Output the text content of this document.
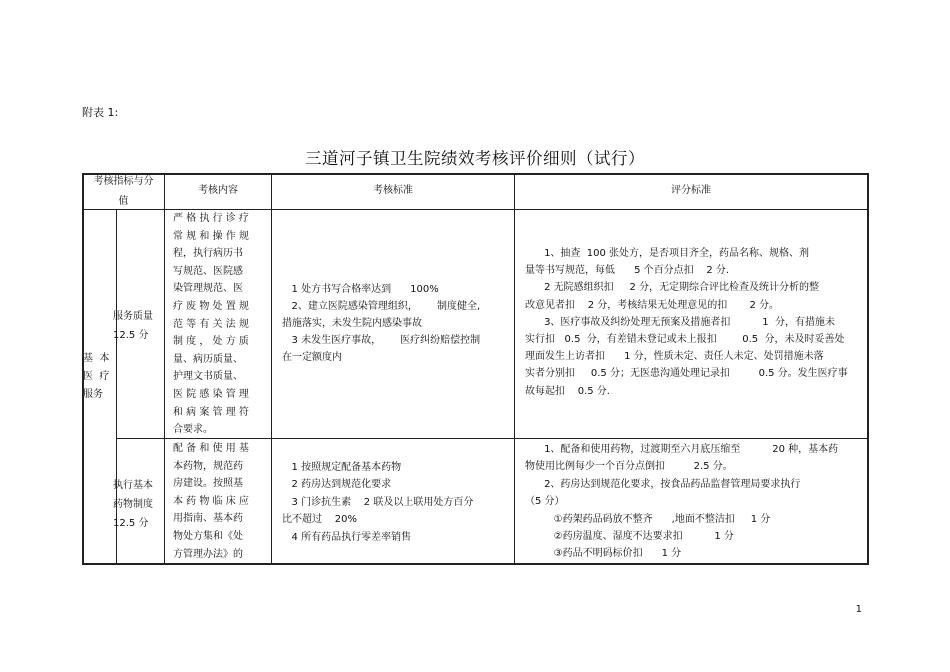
附表 1:
三道河子镇卫生院绩效考核评价细则（试行）
考核指标与分
值
考核内容	考核标准	评分标准
基  本
医  疗
服务
服务质量
12.5 分
严 格 执 行 诊 疗
常 规 和 操 作 规
程，执行病历书
写规范、医院感
染管理规范、医
疗 废 物 处 置 规
范 等 有 关 法 规
制 度 ， 处 方 质
量、病历质量、
护理文书质量、
医 院 感 染 管 理
和 病 案 管 理 符
合要求。
1 处方书写合格率达到      100%
2、建立医院感染管理组织，      制度健全,
措施落实，未发生院内感染事故
3 未发生医疗事故，      医疗纠纷赔偿控制
在一定额度内
1、抽查  100 张处方，是否项目齐全，药品名称、规格、剂
量等书写规范，每低      5 个百分点扣    2 分.
2 无院感组织扣     2 分，无定期综合评比检查及统计分析的整
改意见者扣    2 分，考核结果无处理意见的扣       2 分。
3、医疗事故及纠纷处理无预案及措施者扣          1  分，有措施未
实行扣   0.5  分，有差错未登记或未上报扣        0.5  分，未及时妥善处
理面发生上访者扣      1 分，性质未定、责任人未定、处罚措施未落
实者分别扣     0.5 分；无医患沟通处理记录扣         0.5 分。发生医疗事
故每起扣    0.5 分.
执行基本
药物制度
12.5 分
配 备 和 使 用 基
本药物，规范药
房建设。按照基
本 药 物 临 床 应
用指南、基本药
物处方集和《处
方管理办法》的
1 按照规定配备基本药物
2 药房达到规范化要求
3 门诊抗生素    2 联及以上联用处方百分
比不超过    20%
4 所有药品执行零差率销售
1、配备和使用药物，过渡期至六月底压缩至          20 种，基本药
物使用比例每少一个百分点倒扣         2.5 分。
2、药房达到规范化要求，按食品药品监督管理局要求执行
（5 分）
①药架药品码放不整齐      ,地面不整洁扣     1 分
②药房温度、湿度不达要求扣          1 分
③药品不明码标价扣      1 分
1
